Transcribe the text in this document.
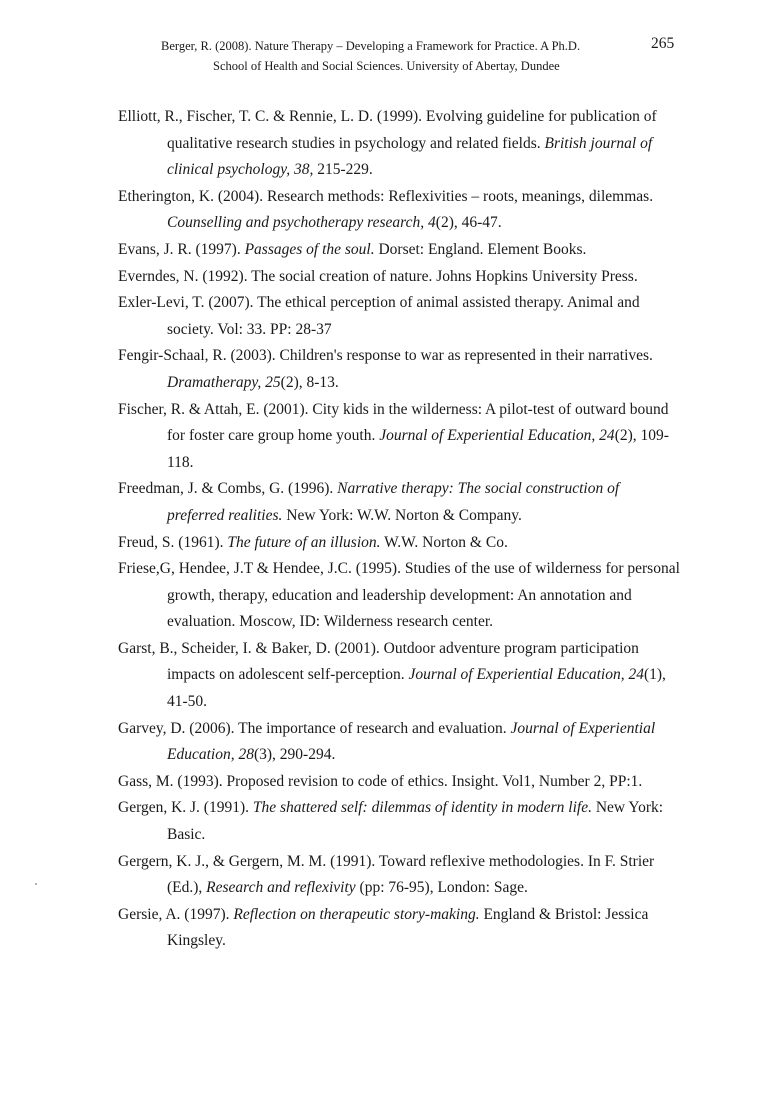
Berger, R. (2008). Nature Therapy – Developing a Framework for Practice. A Ph.D.	265
School of Health and Social Sciences. University of Abertay, Dundee

Elliott, R., Fischer, T. C. & Rennie, L. D. (1999). Evolving guideline for publication of qualitative research studies in psychology and related fields. British journal of clinical psychology, 38, 215-229.

Etherington, K. (2004). Research methods: Reflexivities – roots, meanings, dilemmas. Counselling and psychotherapy research, 4(2), 46-47.

Evans, J. R. (1997). Passages of the soul. Dorset: England. Element Books.

Everndes, N. (1992). The social creation of nature. Johns Hopkins University Press.

Exler-Levi, T. (2007). The ethical perception of animal assisted therapy. Animal and society. Vol: 33. PP: 28-37

Fengir-Schaal, R. (2003). Children's response to war as represented in their narratives. Dramatherapy, 25(2), 8-13.

Fischer, R. & Attah, E. (2001). City kids in the wilderness: A pilot-test of outward bound for foster care group home youth. Journal of Experiential Education, 24(2), 109-118.

Freedman, J. & Combs, G. (1996). Narrative therapy: The social construction of preferred realities. New York: W.W. Norton & Company.

Freud, S. (1961). The future of an illusion. W.W. Norton & Co.

Friese,G, Hendee, J.T & Hendee, J.C. (1995). Studies of the use of wilderness for personal growth, therapy, education and leadership development: An annotation and evaluation. Moscow, ID: Wilderness research center.

Garst, B., Scheider, I. & Baker, D. (2001). Outdoor adventure program participation impacts on adolescent self-perception. Journal of Experiential Education, 24(1), 41-50.

Garvey, D. (2006). The importance of research and evaluation. Journal of Experiential Education, 28(3), 290-294.

Gass, M. (1993). Proposed revision to code of ethics. Insight. Vol1, Number 2, PP:1.

Gergen, K. J. (1991). The shattered self: dilemmas of identity in modern life. New York: Basic.

Gergern, K. J., & Gergern, M. M. (1991). Toward reflexive methodologies. In F. Strier (Ed.), Research and reflexivity (pp: 76-95), London: Sage.

Gersie, A. (1997). Reflection on therapeutic story-making. England & Bristol: Jessica Kingsley.
